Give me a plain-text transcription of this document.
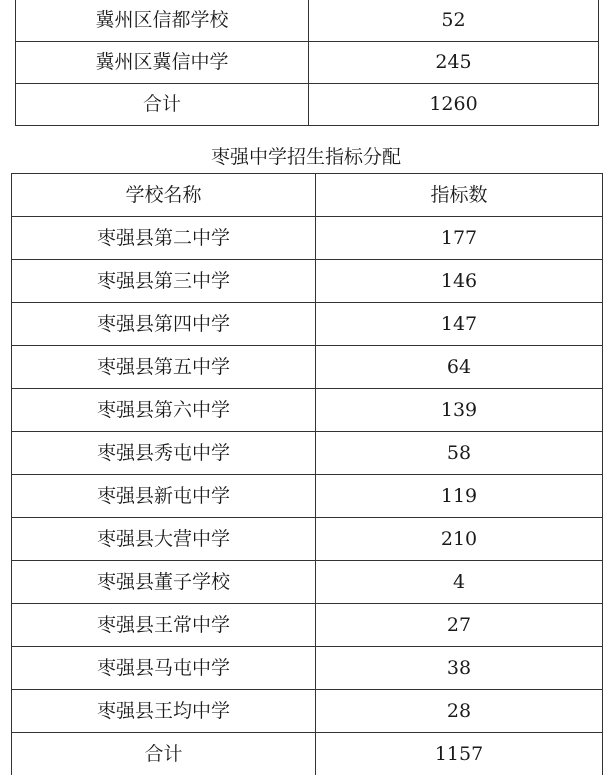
冀州区信都学校	52
冀州区冀信中学	245
合计	1260
枣强中学招生指标分配
学校名称	指标数
枣强县第二中学	177
枣强县第三中学	146
枣强县第四中学	147
枣强县第五中学	64
枣强县第六中学	139
枣强县秀屯中学	58
枣强县新屯中学	119
枣强县大营中学	210
枣强县董子学校	4
枣强县王常中学	27
枣强县马屯中学	38
枣强县王均中学	28
合计	1157
